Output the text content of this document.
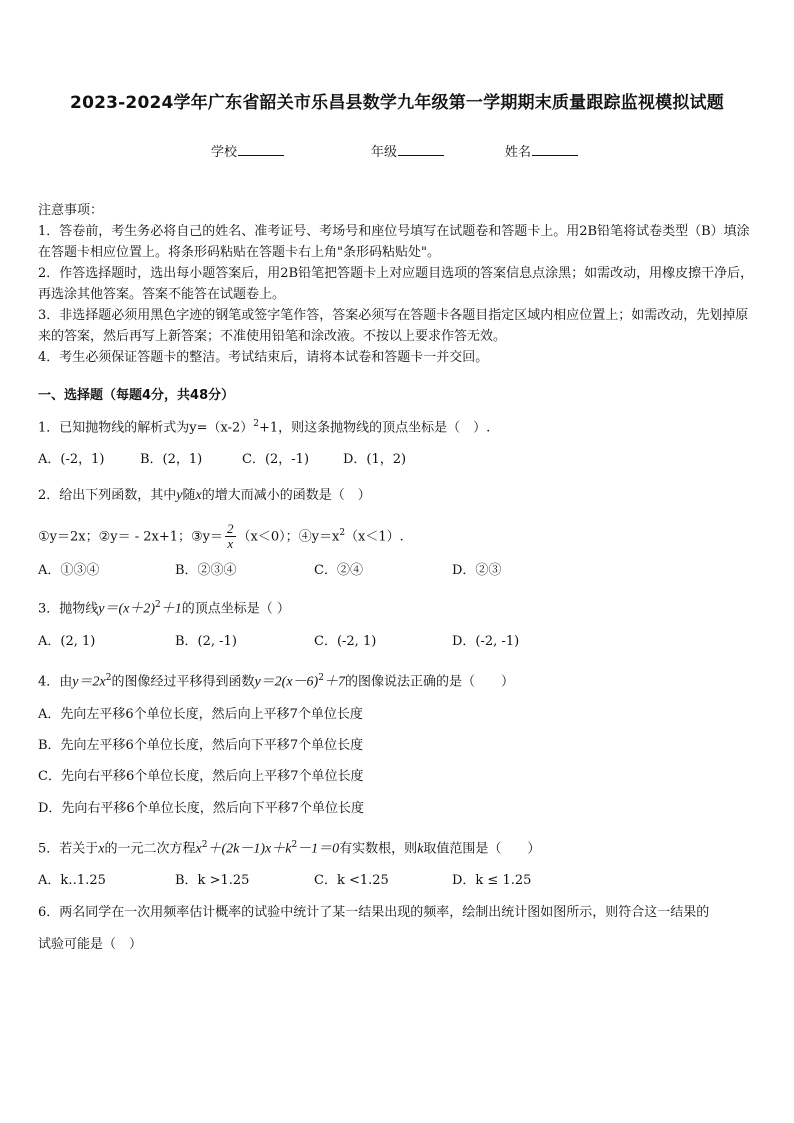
2023-2024学年广东省韶关市乐昌县数学九年级第一学期期末质量跟踪监视模拟试题
学校	年级	姓名
注意事项：
1．答卷前，考生务必将自己的姓名、准考证号、考场号和座位号填写在试题卷和答题卡上。用2B铅笔将试卷类型（B）填涂在答题卡相应位置上。将条形码粘贴在答题卡右上角"条形码粘贴处"。
2．作答选择题时，选出每小题答案后，用2B铅笔把答题卡上对应题目选项的答案信息点涂黑；如需改动，用橡皮擦干净后，再选涂其他答案。答案不能答在试题卷上。
3．非选择题必须用黑色字迹的钢笔或签字笔作答，答案必须写在答题卡各题目指定区域内相应位置上；如需改动，先划掉原来的答案，然后再写上新答案；不准使用铅笔和涂改液。不按以上要求作答无效。
4．考生必须保证答题卡的整洁。考试结束后，请将本试卷和答题卡一并交回。
一、选择题（每题4分，共48分）
1．已知抛物线的解析式为$y=(x-2)^2+1$，则这条抛物线的顶点坐标是（　）.
A．(-2，1)	B．(2，1)	C．(2，-1)	D．(1，2)
2．给出下列函数，其中y随x的增大而减小的函数是（　）
①y＝2x；②y＝ - 2x+1；③y＝ $\frac{2}{x} (x<0)$；$④y=x^2(x<1)$.
A．①③④	B．②③④	C．②④	D．②③
3．抛物线$y=(x+2)^2+1$的顶点坐标是（ ）
A．(2, 1)	B．(2, -1)	C．(-2, 1)	D．(-2, -1)
4．由$y=2x^2$的图像经过平移得到函数$y=2(x-6)^2+7$的图像说法正确的是（　　）
A．先向左平移6个单位长度，然后向上平移7个单位长度
B．先向左平移6个单位长度，然后向下平移7个单位长度
C．先向右平移6个单位长度，然后向上平移7个单位长度
D．先向右平移6个单位长度，然后向下平移7个单位长度
5．若关于x的一元二次方程$x^2+(2k-1)x+k^2-1=0$有实数根，则k取值范围是（　　）
A．k‥1.25	B．k >1.25	C．k <1.25	D．k ≤ 1.25
6．两名同学在一次用频率估计概率的试验中统计了某一结果出现的频率，绘制出统计图如图所示，则符合这一结果的
试验可能是（　）
